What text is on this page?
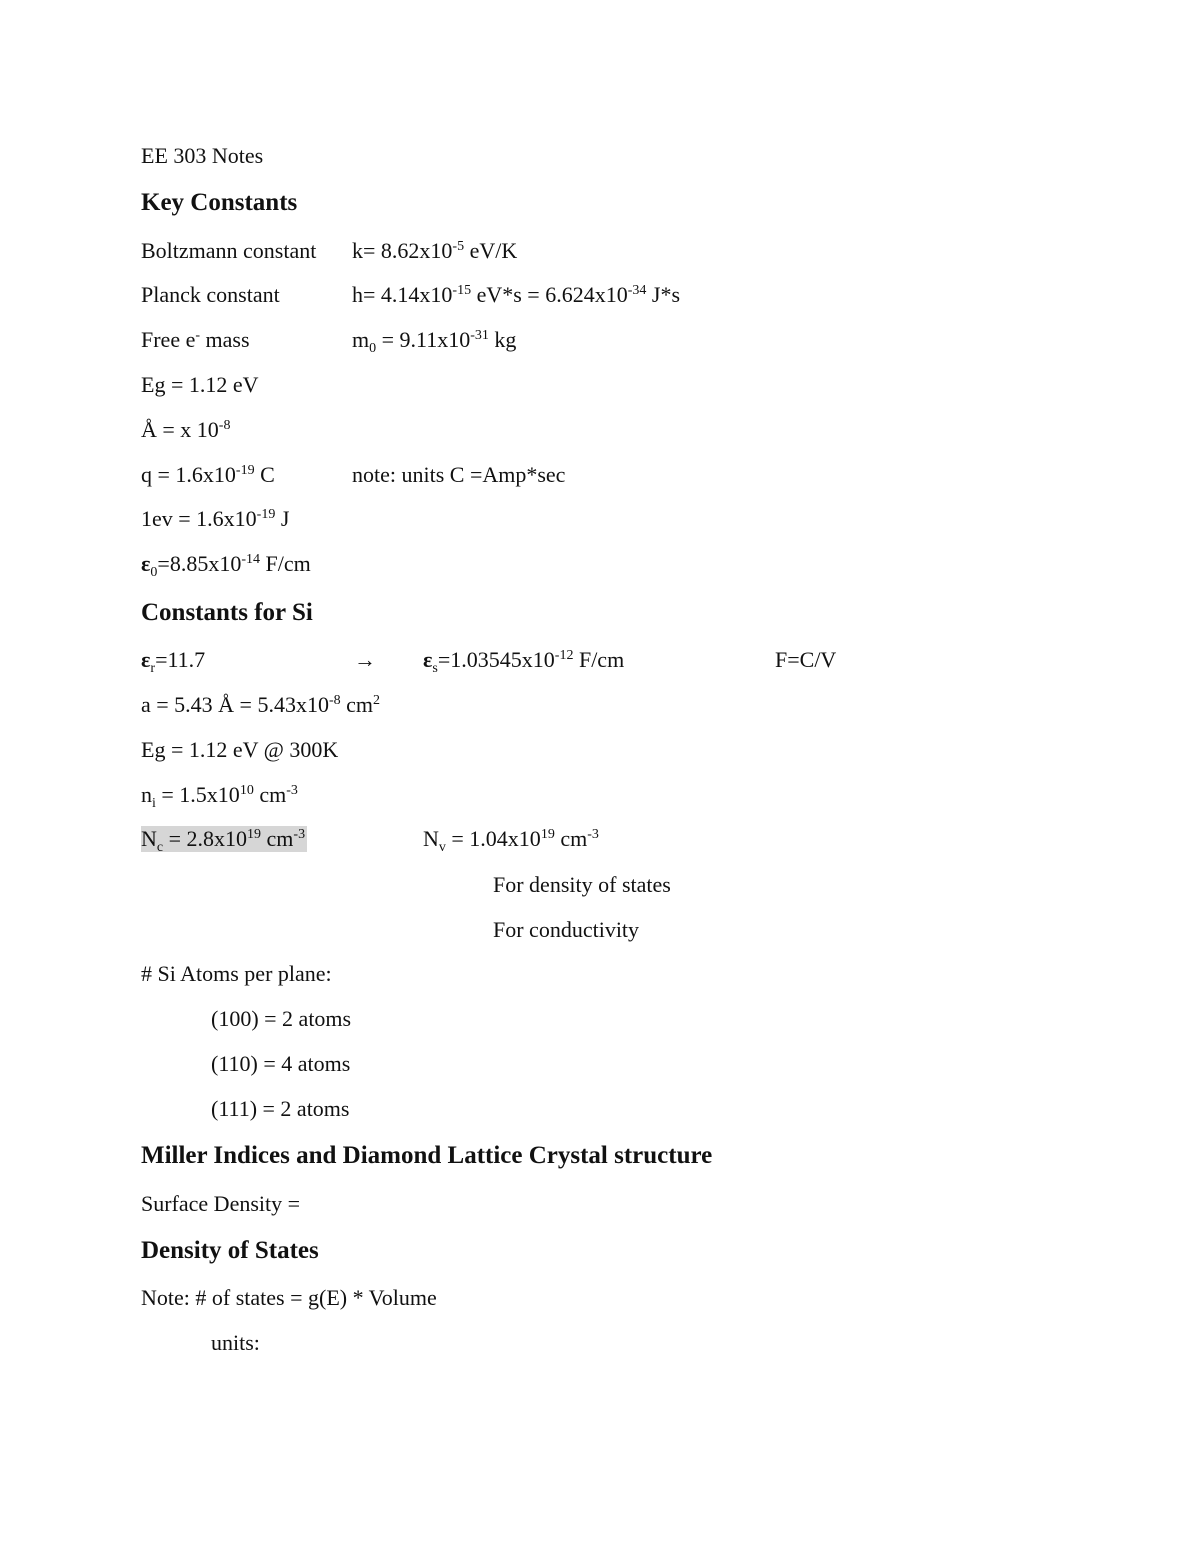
EE 303 Notes
Key Constants
Boltzmann constant $k= 8.62x10^{-5}$ eV/K
Planck constant	$h= 4.14x10^{-15}$ $eV*s = 6.624x10^{-34}$ J*s
Free e- mass	$m_0 = 9.11x10^{-31}$ kg
Eg = 1.12 eV
Å = x $10^{-8}$
$q = 1.6x10^{-19}$ C	note: units C =Amp*sec
$1ev = 1.6x10^{-19}$ J
$\varepsilon_0=8.85x10^{-14}$ F/cm
Constants for Si
$\varepsilon_r=11.7$	→ $\varepsilon_s=1.03545x10^{-12}$ F/cm	F=C/V
a = 5.43 Å = $5.43x10^{-8}$ $cm^2$
Eg = 1.12 eV @ 300K
$n_i = 1.5x10^{10}$ $cm^{-3}$
$N_c = 2.8x10^{19}$ $cm^{-3}$	$N_v = 1.04x10^{19}$ $cm^{-3}$
For density of states
For conductivity
# Si Atoms per plane:
(100) = 2 atoms
(110) = 4 atoms
(111) = 2 atoms
Miller Indices and Diamond Lattice Crystal structure
Surface Density =
Density of States
Note: # of states = g(E) * Volume
units:
